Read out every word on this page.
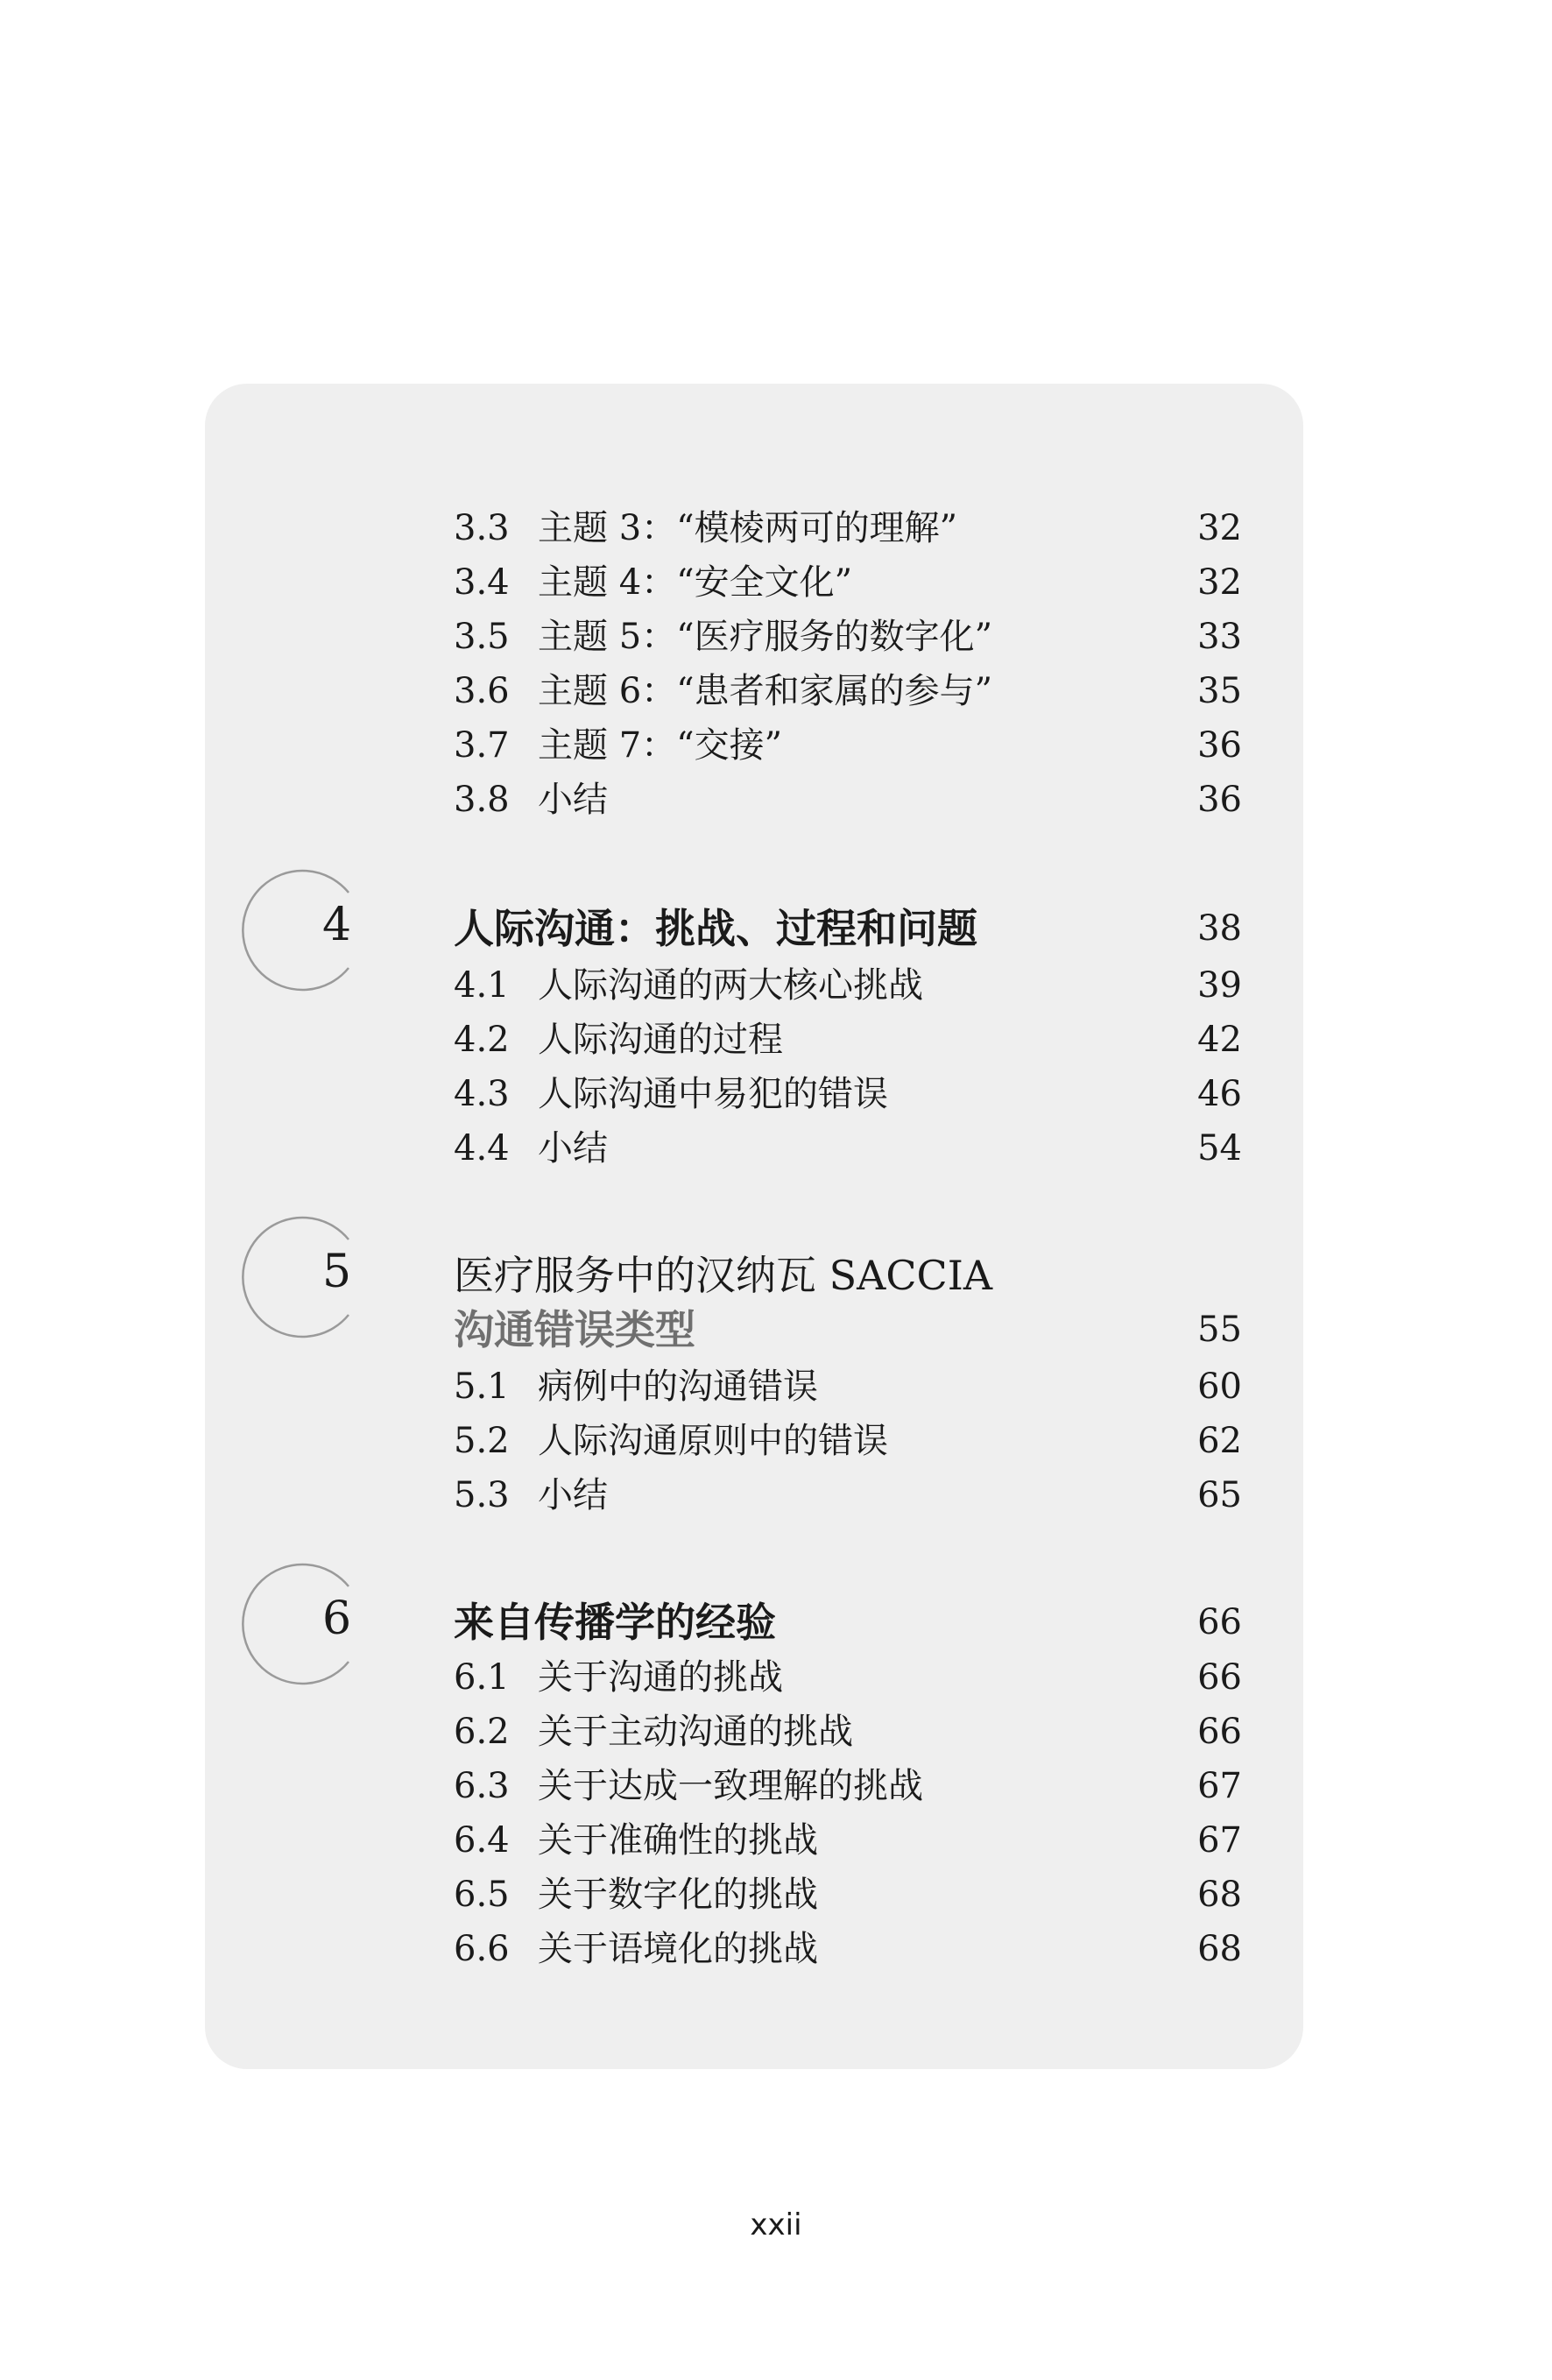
3.3 主题 3：“模棱两可的理解”	32
3.4 主题 4：“安全文化”	32
3.5 主题 5：“医疗服务的数字化”	33
3.6 主题 6：“患者和家属的参与”	35
3.7 主题 7：“交接”	36
3.8 小结	36
4	人际沟通：挑战、过程和问题	38
4.1 人际沟通的两大核心挑战	39
4.2 人际沟通的过程	42
4.3 人际沟通中易犯的错误	46
4.4 小结	54
5	医疗服务中的汉纳瓦 SACCIA
沟通错误类型	55
5.1 病例中的沟通错误	60
5.2 人际沟通原则中的错误	62
5.3 小结	65
6	来自传播学的经验	66
6.1 关于沟通的挑战	66
6.2 关于主动沟通的挑战	66
6.3 关于达成一致理解的挑战	67
6.4 关于准确性的挑战	67
6.5 关于数字化的挑战	68
6.6 关于语境化的挑战	68
xxii
